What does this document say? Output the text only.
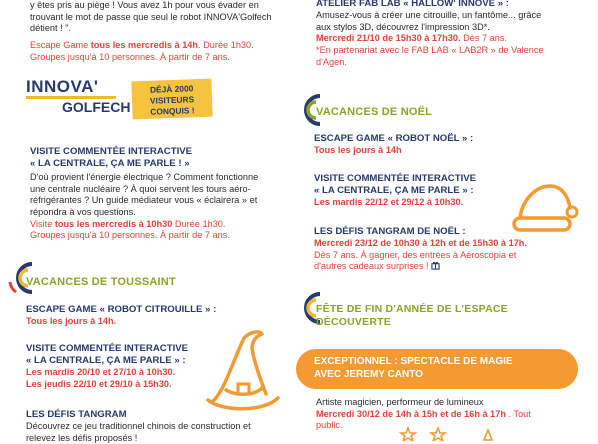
y êtes pris au piège ! Vous avez 1h pour vous évader en
trouvant le mot de passe que seul le robot INNOVA'Golfech
détient ! ".

Escape Game tous les mercredis à 14h. Durée 1h30.
Groupes jusqu'à 10 personnes. À partir de 7 ans.

INNOVA'
GOLFECH
DÉJÀ 2000
VISITEURS
CONQUIS !
VISITE COMMENTÉE INTERACTIVE
« LA CENTRALE, ÇA ME PARLE ! »

D'où provient l'énergie électrique ? Comment fonctionne
une centrale nucléaire ? À quoi servent les tours aéro-
réfrigérantes ? Un guide médiateur vous « éclairera » et
répondra à vos questions.

Visite tous les mercredis à 10h30 Durée 1h30.
Groupes jusqu'à 10 personnes. À partir de 7 ans.

VACANCES DE TOUSSAINT
ESCAPE GAME « ROBOT CITROUILLE » :

Tous les jours à 14h.

VISITE COMMENTÉE INTERACTIVE
« LA CENTRALE, ÇA ME PARLE » :

Les mardis 20/10 et 27/10 à 10h30.

Les jeudis 22/10 et 29/10 à 15h30.

LES DÉFIS TANGRAM

Découvrez ce jeu traditionnel chinois de construction et
relevez les défis proposés !

ATELIER FAB LAB « HALLOW' INNOVE » :

Amusez-vous à créer une citrouille, un fantôme... grâce
aux stylos 3D, découvrez l'impression 3D*.

Mercredi 21/10 de 15h30 à 17h30. Dès 7 ans.

*En partenariat avec le FAB LAB « LAB2R » de Valence
d'Agen.

VACANCES DE NOËL
ESCAPE GAME « ROBOT NOËL » :

Tous les jours à 14h

VISITE COMMENTÉE INTERACTIVE
« LA CENTRALE, ÇA ME PARLE » :

Les mardis 22/12 et 29/12 à 10h30.

LES DÉFIS TANGRAM DE NOËL :

Mercredi 23/12 de 10h30 à 12h et de 15h30 à 17h.
Dès 7 ans. À gagner, des entrées à Aéroscopia et
d'autres cadeaux surprises !

FÊTE DE FIN D'ANNÉE DE L'ESPACE
DÉCOUVERTE
EXCEPTIONNEL : SPECTACLE DE MAGIE
AVEC JEREMY CANTO

Artiste magicien, performeur de lumineux

Mercredi 30/12 de 14h à 15h et de 16h à 17h . Tout
public.
